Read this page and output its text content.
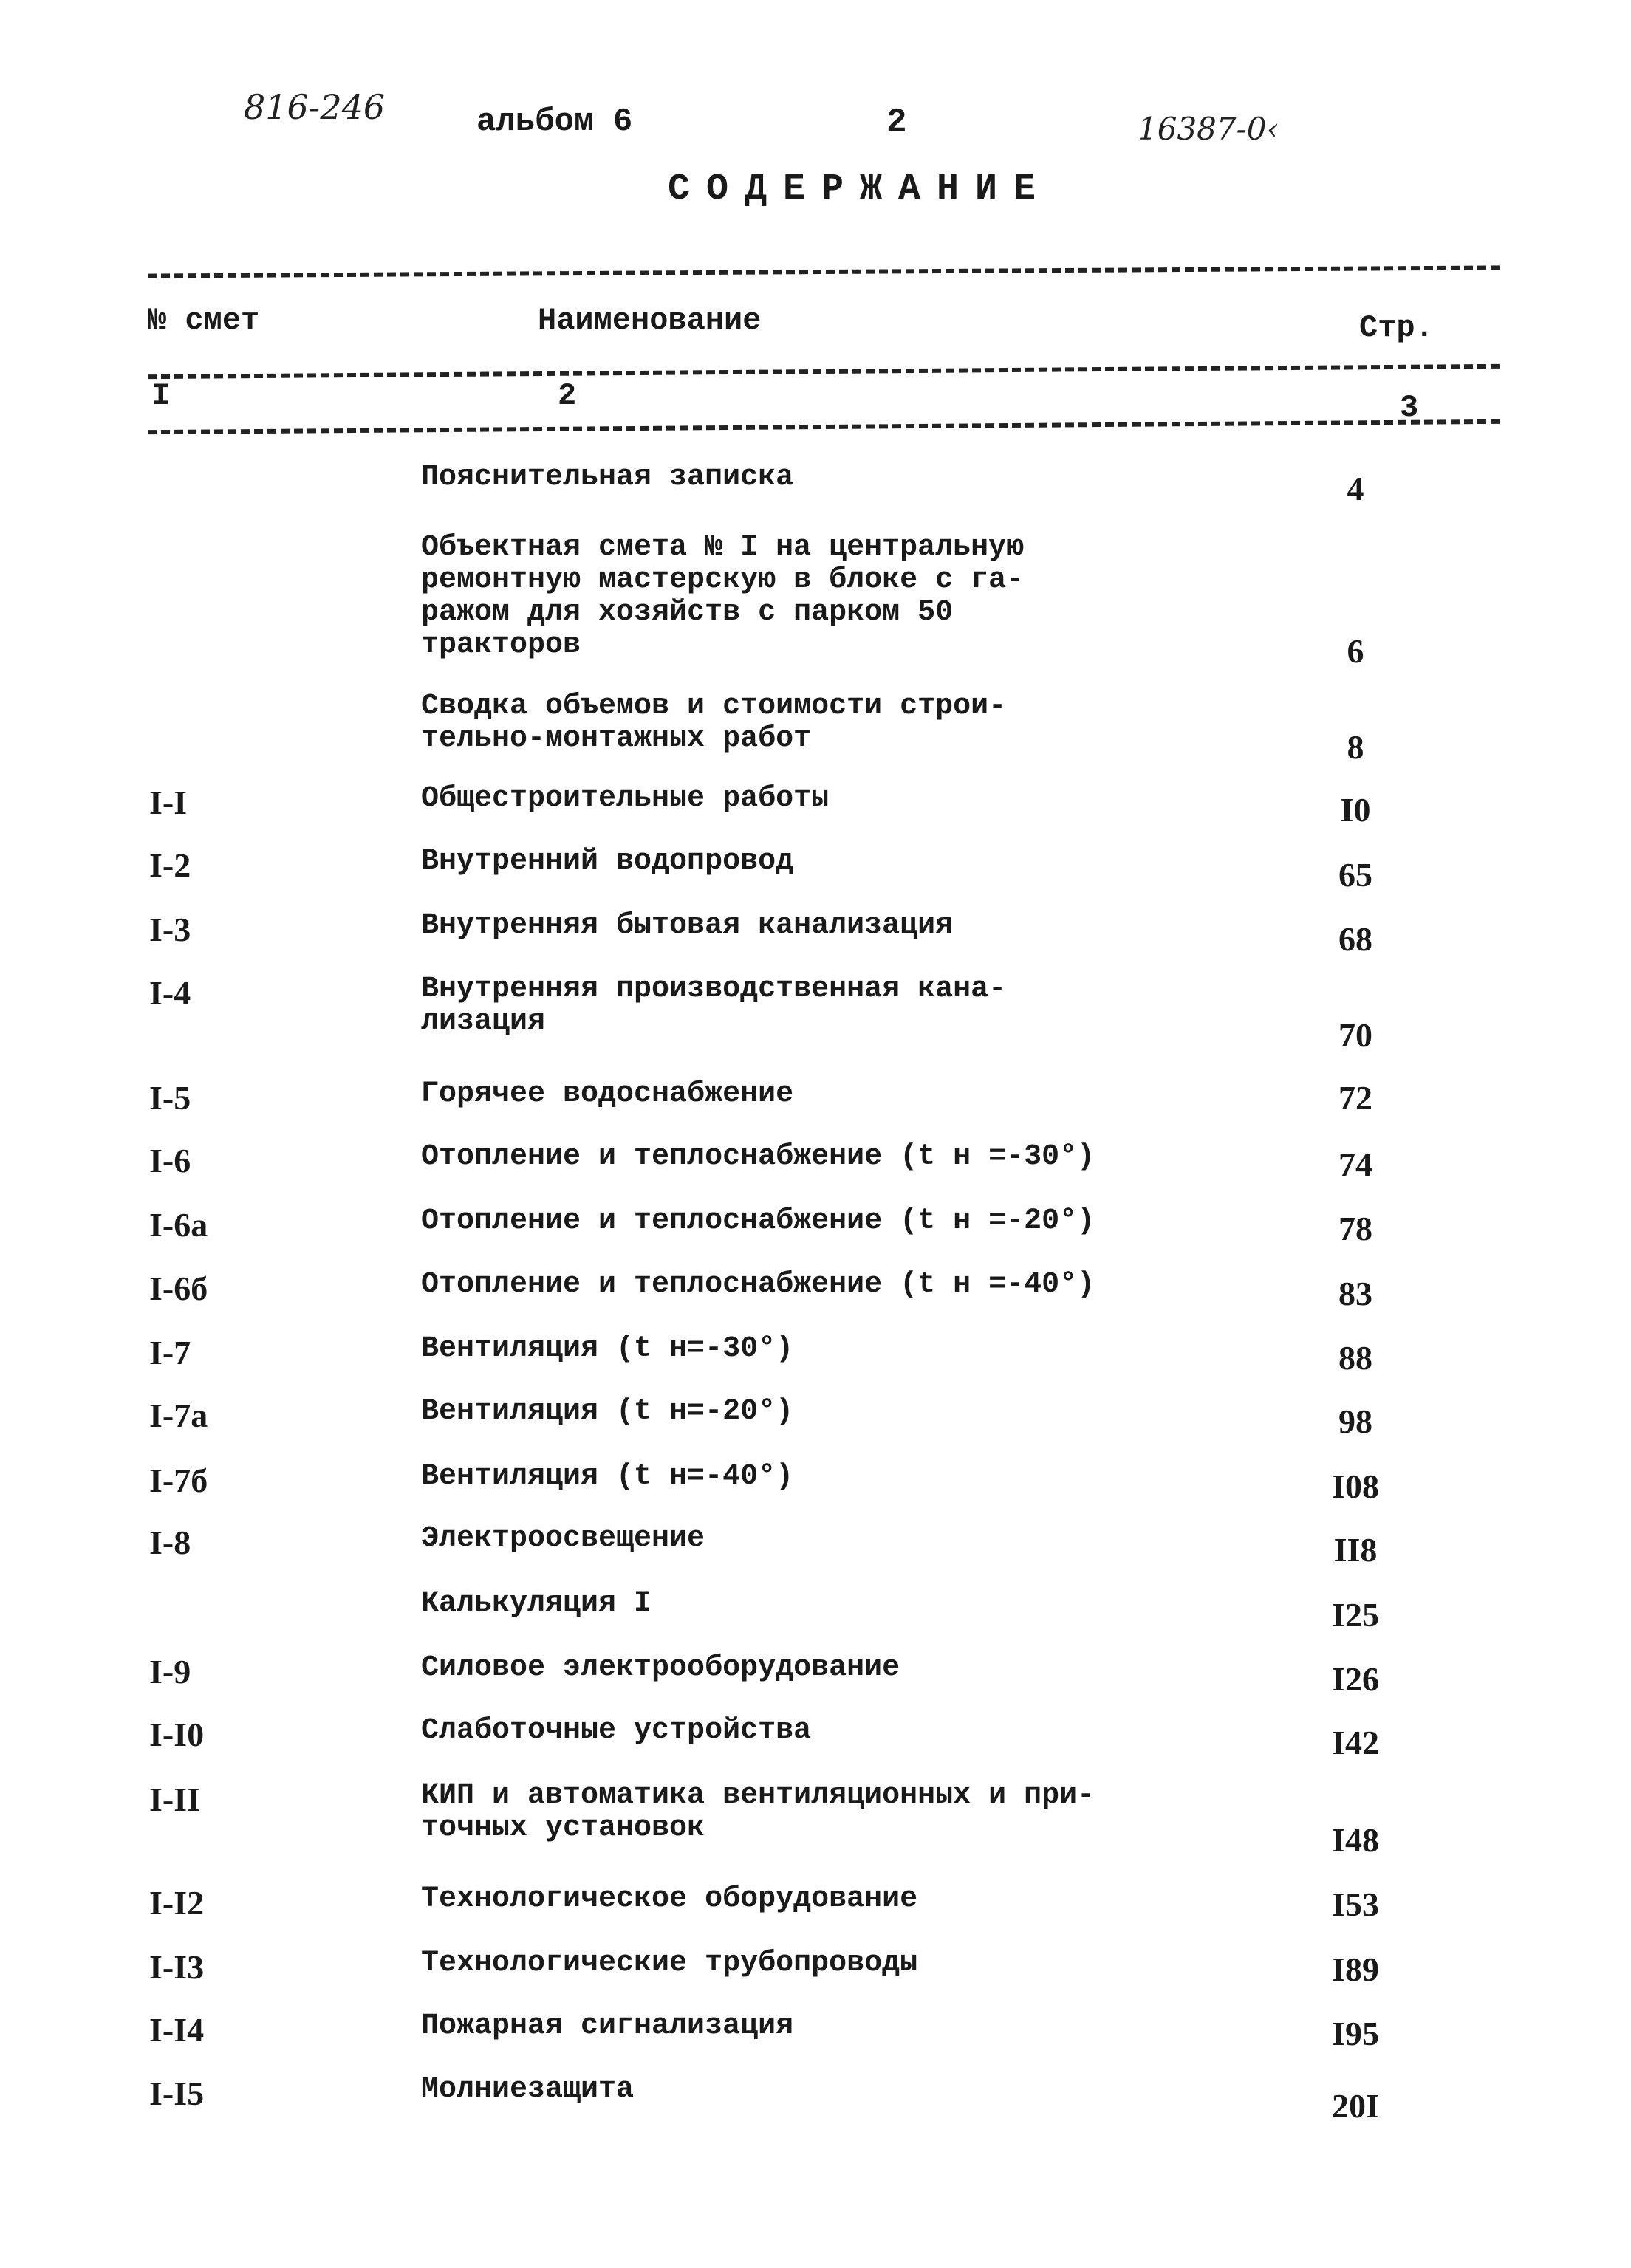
816-246	альбом 6	2	16387-0‹
СОДЕРЖАНИЕ
№ смет	Наименование	Стр.
I	2	3
Пояснительная записка	4
Объектная смета № I на центральную
ремонтную мастерскую в блоке с га-
ражом для хозяйств с парком 50
тракторов	6
Сводка объемов и стоимости строи-
тельно-монтажных работ	8
I-I	Общестроительные работы	I0
I-2	Внутренний водопровод	65
I-3	Внутренняя бытовая канализация	68
I-4	Внутренняя производственная кана-
лизация	70
I-5	Горячее водоснабжение	72
I-6	Отопление и теплоснабжение (t н =-30°)	74
I-6а	Отопление и теплоснабжение (t н =-20°)	78
I-6б	Отопление и теплоснабжение (t н =-40°)	83
I-7	Вентиляция (t н=-30°)	88
I-7а	Вентиляция (t н=-20°)	98
I-7б	Вентиляция (t н=-40°)	I08
I-8	Электроосвещение	II8
Калькуляция I	I25
I-9	Силовое электрооборудование	I26
I-I0	Слаботочные устройства	I42
I-II	КИП и автоматика вентиляционных и при-
точных установок	I48
I-I2	Технологическое оборудование	I53
I-I3	Технологические трубопроводы	I89
I-I4	Пожарная сигнализация	I95
I-I5	Молниезащита	20I
